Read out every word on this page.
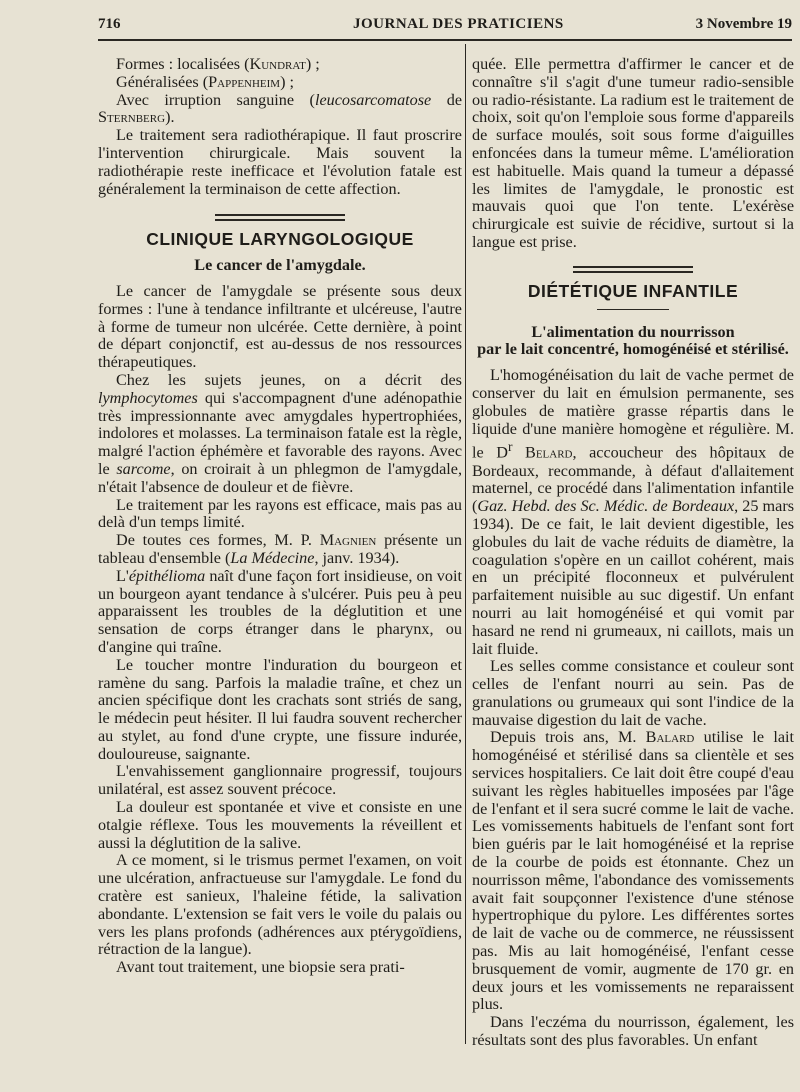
716	JOURNAL DES PRATICIENS	3 Novembre 19

Formes : localisées (Kundrat) ;

Généralisées (Pappenheim) ;

Avec irruption sanguine (leucosarcomatose de Sternberg).

Le traitement sera radiothérapique. Il faut proscrire l'intervention chirurgicale. Mais souvent la radiothérapie reste inefficace et l'évolution fatale est généralement la terminaison de cette affection.

CLINIQUE LARYNGOLOGIQUE
Le cancer de l'amygdale.

Le cancer de l'amygdale se présente sous deux formes : l'une à tendance infiltrante et ulcéreuse, l'autre à forme de tumeur non ulcérée. Cette dernière, à point de départ conjonctif, est au-dessus de nos ressources thérapeutiques.

Chez les sujets jeunes, on a décrit des lymphocytomes qui s'accompagnent d'une adénopathie très impressionnante avec amygdales hypertrophiées, indolores et molasses. La terminaison fatale est la règle, malgré l'action éphémère et favorable des rayons. Avec le sarcome, on croirait à un phlegmon de l'amygdale, n'était l'absence de douleur et de fièvre.

Le traitement par les rayons est efficace, mais pas au delà d'un temps limité.

De toutes ces formes, M. P. Magnien présente un tableau d'ensemble (La Médecine, janv. 1934).

L'épithélioma naît d'une façon fort insidieuse, on voit un bourgeon ayant tendance à s'ulcérer. Puis peu à peu apparaissent les troubles de la déglutition et une sensation de corps étranger dans le pharynx, ou d'angine qui traîne.

Le toucher montre l'induration du bourgeon et ramène du sang. Parfois la maladie traîne, et chez un ancien spécifique dont les crachats sont striés de sang, le médecin peut hésiter. Il lui faudra souvent rechercher au stylet, au fond d'une crypte, une fissure indurée, douloureuse, saignante.

L'envahissement ganglionnaire progressif, toujours unilatéral, est assez souvent précoce.

La douleur est spontanée et vive et consiste en une otalgie réflexe. Tous les mouvements la réveillent et aussi la déglutition de la salive.

A ce moment, si le trismus permet l'examen, on voit une ulcération, anfractueuse sur l'amygdale. Le fond du cratère est sanieux, l'haleine fétide, la salivation abondante. L'extension se fait vers le voile du palais ou vers les plans profonds (adhérences aux ptérygoïdiens, rétraction de la langue).

Avant tout traitement, une biopsie sera prati-

quée. Elle permettra d'affirmer le cancer et de connaître s'il s'agit d'une tumeur radio-sensible ou radio-résistante. La radium est le traitement de choix, soit qu'on l'emploie sous forme d'appareils de surface moulés, soit sous forme d'aiguilles enfoncées dans la tumeur même. L'amélioration est habituelle. Mais quand la tumeur a dépassé les limites de l'amygdale, le pronostic est mauvais quoi que l'on tente. L'exérèse chirurgicale est suivie de récidive, surtout si la langue est prise.

DIÉTÉTIQUE INFANTILE
L'alimentation du nourrisson
par le lait concentré, homogénéisé et stérilisé.

L'homogénéisation du lait de vache permet de conserver du lait en émulsion permanente, ses globules de matière grasse répartis dans le liquide d'une manière homogène et régulière. M. le $D^r$ Belard, accoucheur des hôpitaux de Bordeaux, recommande, à défaut d'allaitement maternel, ce procédé dans l'alimentation infantile (Gaz. Hebd. des Sc. Médic. de Bordeaux, 25 mars 1934). De ce fait, le lait devient digestible, les globules du lait de vache réduits de diamètre, la coagulation s'opère en un caillot cohérent, mais en un précipité floconneux et pulvérulent parfaitement nuisible au suc digestif. Un enfant nourri au lait homogénéisé et qui vomit par hasard ne rend ni grumeaux, ni caillots, mais un lait fluide.

Les selles comme consistance et couleur sont celles de l'enfant nourri au sein. Pas de granulations ou grumeaux qui sont l'indice de la mauvaise digestion du lait de vache.

Depuis trois ans, M. Balard utilise le lait homogénéisé et stérilisé dans sa clientèle et ses services hospitaliers. Ce lait doit être coupé d'eau suivant les règles habituelles imposées par l'âge de l'enfant et il sera sucré comme le lait de vache. Les vomissements habituels de l'enfant sont fort bien guéris par le lait homogénéisé et la reprise de la courbe de poids est étonnante. Chez un nourrisson même, l'abondance des vomissements avait fait soupçonner l'existence d'une sténose hypertrophique du pylore. Les différentes sortes de lait de vache ou de commerce, ne réussissent pas. Mis au lait homogénéisé, l'enfant cesse brusquement de vomir, augmente de 170 gr. en deux jours et les vomissements ne reparaissent plus.

Dans l'eczéma du nourrisson, également, les résultats sont des plus favorables. Un enfant
